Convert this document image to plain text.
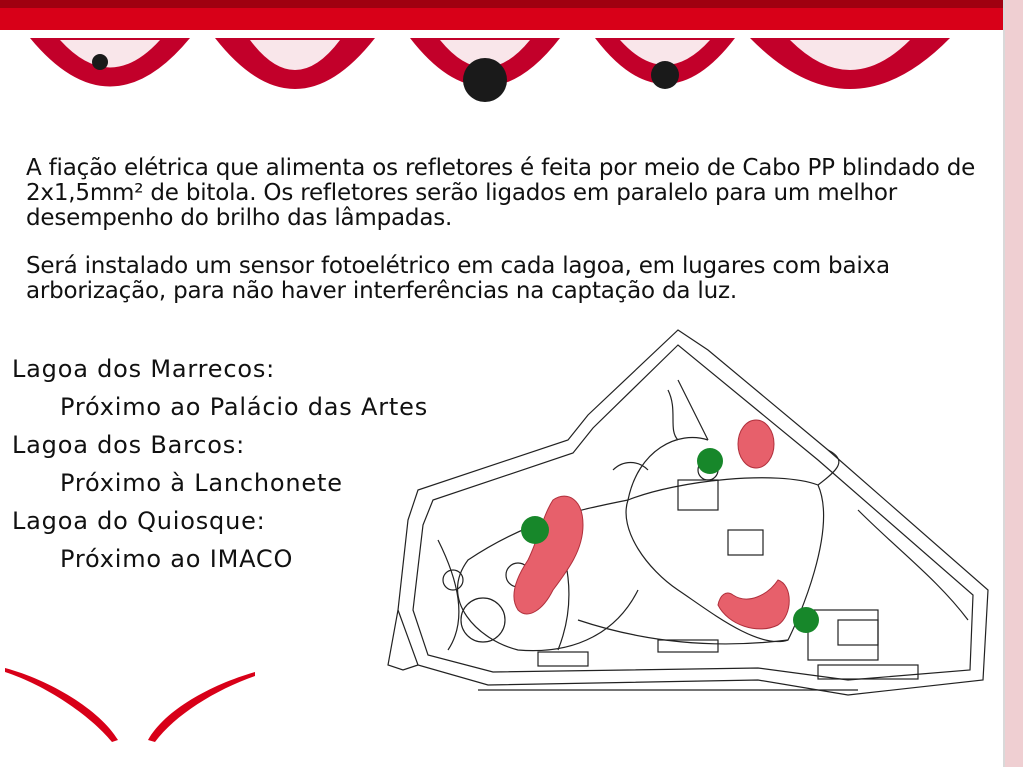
A fiação elétrica que alimenta os refletores é feita por meio de Cabo PP blindado de 2x1,5mm² de bitola. Os refletores serão ligados em paralelo para um melhor desempenho do brilho das lâmpadas.

Será instalado um sensor fotoelétrico em cada lagoa, em lugares com baixa arborização, para não haver interferências na captação da luz.

Lagoa dos Marrecos:
Próximo ao Palácio das Artes
Lagoa dos Barcos:
Próximo à Lanchonete
Lagoa do Quiosque:
Próximo ao IMACO
